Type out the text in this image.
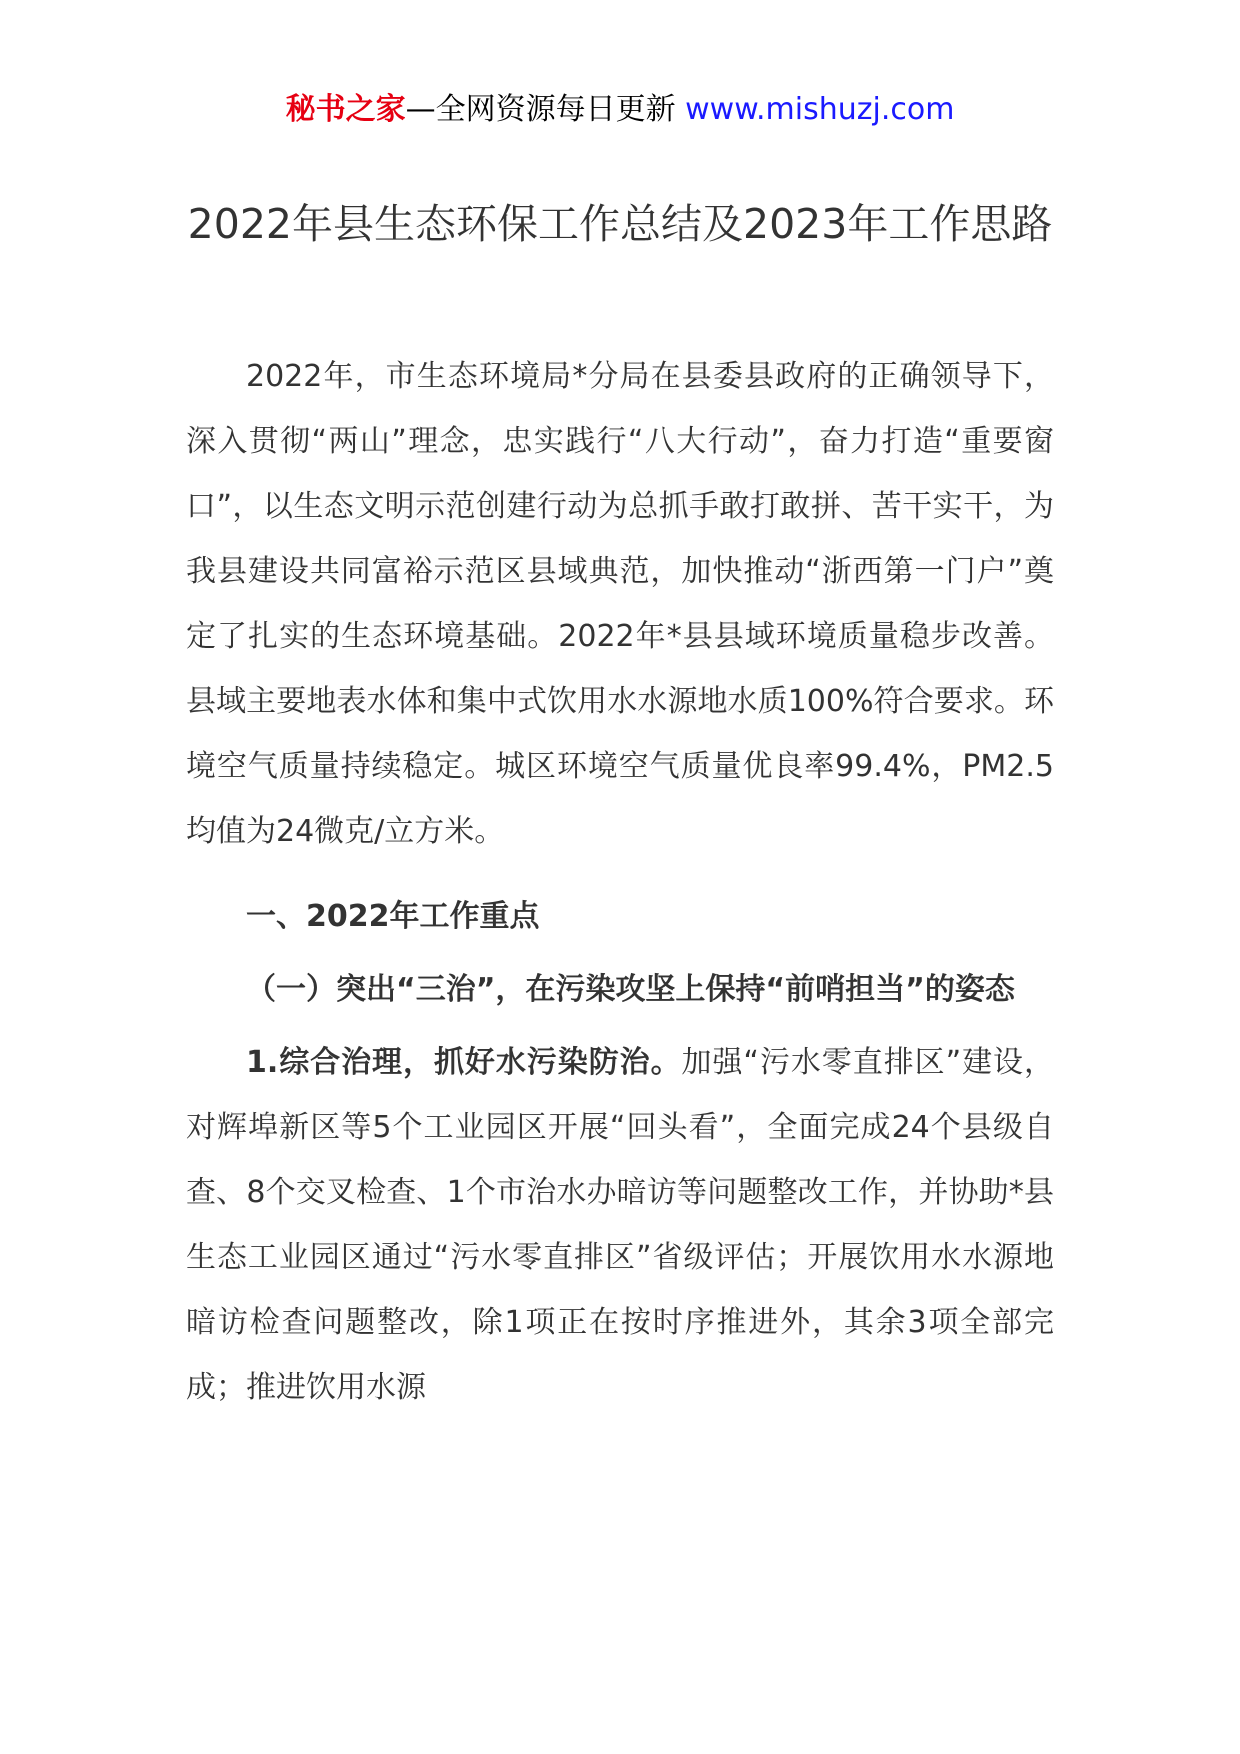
秘书之家—全网资源每日更新 www.mishuzj.com
2022年县生态环保工作总结及2023年工作思路

2022年，市生态环境局*分局在县委县政府的正确领导下，深入贯彻“两山”理念，忠实践行“八大行动”，奋力打造“重要窗口”，以生态文明示范创建行动为总抓手敢打敢拼、苦干实干，为我县建设共同富裕示范区县域典范，加快推动“浙西第一门户”奠定了扎实的生态环境基础。2022年*县县域环境质量稳步改善。县域主要地表水体和集中式饮用水水源地水质100%符合要求。环境空气质量持续稳定。城区环境空气质量优良率99.4%，PM2.5均值为24微克/立方米。

一、2022年工作重点

（一）突出“三治”，在污染攻坚上保持“前哨担当”的姿态

1.综合治理，抓好水污染防治。加强“污水零直排区”建设，对辉埠新区等5个工业园区开展“回头看”，全面完成24个县级自查、8个交叉检查、1个市治水办暗访等问题整改工作，并协助*县生态工业园区通过“污水零直排区”省级评估；开展饮用水水源地暗访检查问题整改，除1项正在按时序推进外，其余3项全部完成；推进饮用水源
